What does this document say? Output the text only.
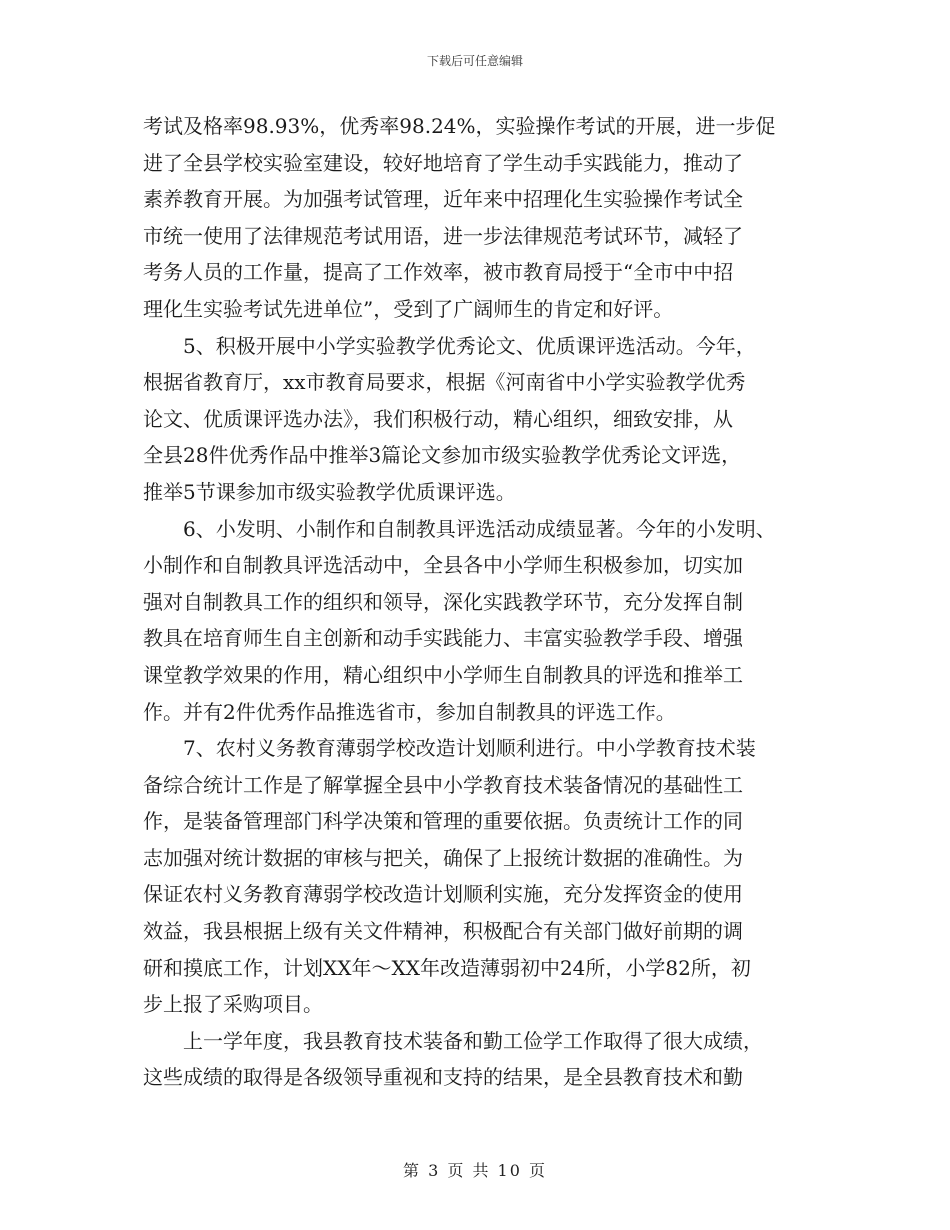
下载后可任意编辑
考试及格率98.93%，优秀率98.24%，实验操作考试的开展，进一步促
进了全县学校实验室建设，较好地培育了学生动手实践能力，推动了
素养教育开展。为加强考试管理，近年来中招理化生实验操作考试全
市统一使用了法律规范考试用语，进一步法律规范考试环节，减轻了
考务人员的工作量，提高了工作效率，被市教育局授于“全市中中招
理化生实验考试先进单位”，受到了广阔师生的肯定和好评。
5、积极开展中小学实验教学优秀论文、优质课评选活动。今年，
根据省教育厅，xx市教育局要求，根据《河南省中小学实验教学优秀
论文、优质课评选办法》，我们积极行动，精心组织，细致安排，从
全县28件优秀作品中推举3篇论文参加市级实验教学优秀论文评选，
推举5节课参加市级实验教学优质课评选。
6、小发明、小制作和自制教具评选活动成绩显著。今年的小发明、
小制作和自制教具评选活动中，全县各中小学师生积极参加，切实加
强对自制教具工作的组织和领导，深化实践教学环节，充分发挥自制
教具在培育师生自主创新和动手实践能力、丰富实验教学手段、增强
课堂教学效果的作用，精心组织中小学师生自制教具的评选和推举工
作。并有2件优秀作品推选省市，参加自制教具的评选工作。
7、农村义务教育薄弱学校改造计划顺利进行。中小学教育技术装
备综合统计工作是了解掌握全县中小学教育技术装备情况的基础性工
作，是装备管理部门科学决策和管理的重要依据。负责统计工作的同
志加强对统计数据的审核与把关，确保了上报统计数据的准确性。为
保证农村义务教育薄弱学校改造计划顺利实施，充分发挥资金的使用
效益，我县根据上级有关文件精神，积极配合有关部门做好前期的调
研和摸底工作，计划XX年～XX年改造薄弱初中24所，小学82所，初
步上报了采购项目。
上一学年度，我县教育技术装备和勤工俭学工作取得了很大成绩，
这些成绩的取得是各级领导重视和支持的结果，是全县教育技术和勤
第 3 页 共 10 页
